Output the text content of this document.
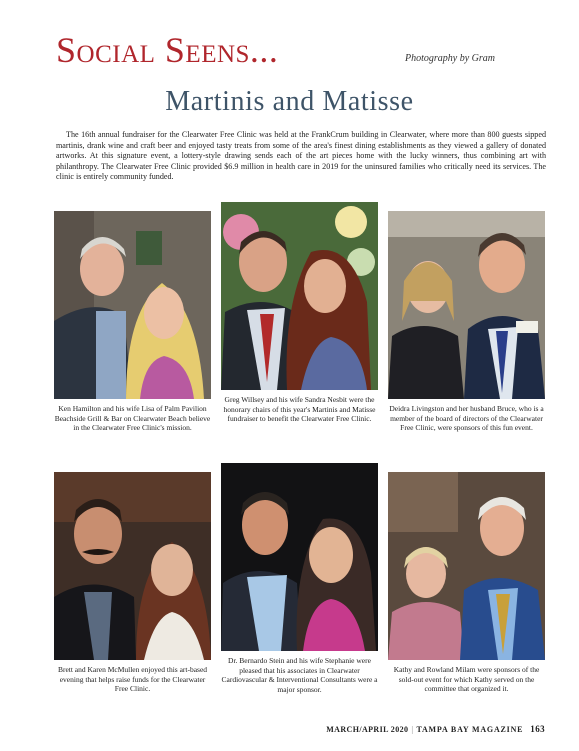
Social Seens...	Photography by Gram
Martinis and Matisse

The 16th annual fundraiser for the Clearwater Free Clinic was held at the FrankCrum building in Clearwater, where more than 800 guests sipped martinis, drank wine and craft beer and enjoyed tasty treats from some of the area's finest dining establishments as they viewed a gallery of donated artworks. At this signature event, a lottery-style drawing sends each of the art pieces home with the lucky winners, thus combining art with philanthropy. The Clearwater Free Clinic provided $6.9 million in health care in 2019 for the uninsured families who critically need its services. The clinic is entirely community funded.

Ken Hamilton and his wife Lisa of Palm Pavilion Beachside Grill & Bar on Clearwater Beach believe in the Clearwater Free Clinic's mission.
Greg Willsey and his wife Sandra Nesbit were the honorary chairs of this year's Martinis and Matisse fundraiser to benefit the Clearwater Free Clinic.
Deidra Livingston and her husband Bruce, who is a member of the board of directors of the Clearwater Free Clinic, were sponsors of this fun event.
Brett and Karen McMullen enjoyed this art-based evening that helps raise funds for the Clearwater Free Clinic.
Dr. Bernardo Stein and his wife Stephanie were pleased that his associates in Clearwater Cardiovascular & Interventional Consultants were a major sponsor.
Kathy and Rowland Milam were sponsors of the sold-out event for which Kathy served on the committee that organized it.
MARCH/APRIL 2020 | TAMPA BAY MAGAZINE 163
